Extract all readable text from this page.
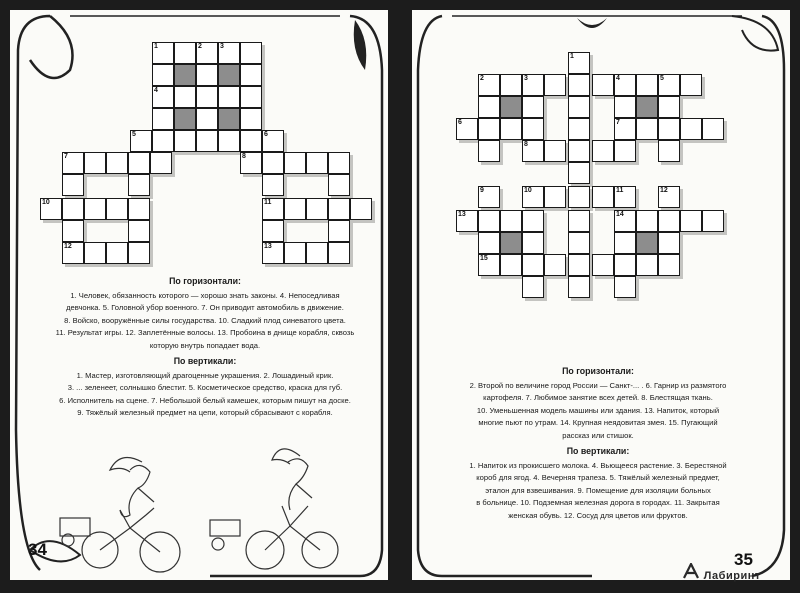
1	2	3
4
5	6
7	8
10	11
12	13
По горизонтали:

1. Человек, обязанность которого — хорошо знать законы. 4. Непоседливая

девчонка. 5. Головной убор военного. 7. Он приводит автомобиль в движение.

8. Войско, вооружённые силы государства. 10. Сладкий плод синеватого цвета.

11. Результат игры. 12. Заплетённые волосы. 13. Пробоина в днище корабля, сквозь

которую внутрь попадает вода.

По вертикали:

1. Мастер, изготовляющий драгоценные украшения. 2. Лошадиный крик.

3. ... зеленеет, солнышко блестит. 5. Косметическое средство, краска для губ.

6. Исполнитель на сцене. 7. Небольшой белый камешек, которым пишут на доске.

9. Тяжёлый железный предмет на цепи, который сбрасывают с корабля.

34
1
2	3	4	5
6	7
8
9	10	11	12
13	14
15
По горизонтали:

2. Второй по величине город России — Санкт-... . 6. Гарнир из размятого

картофеля. 7. Любимое занятие всех детей. 8. Блестящая ткань.

10. Уменьшенная модель машины или здания. 13. Напиток, который

многие пьют по утрам. 14. Крупная неядовитая змея. 15. Пугающий

рассказ или стишок.

По вертикали:

1. Напиток из прокисшего молока. 4. Вьющееся растение. 3. Берестяной

короб для ягод. 4. Вечерняя трапеза. 5. Тяжёлый железный предмет,

эталон для взвешивания. 9. Помещение для изоляции больных

в больнице. 10. Подземная железная дорога в городах. 11. Закрытая

женская обувь. 12. Сосуд для цветов или фруктов.

35
Лабиринт
